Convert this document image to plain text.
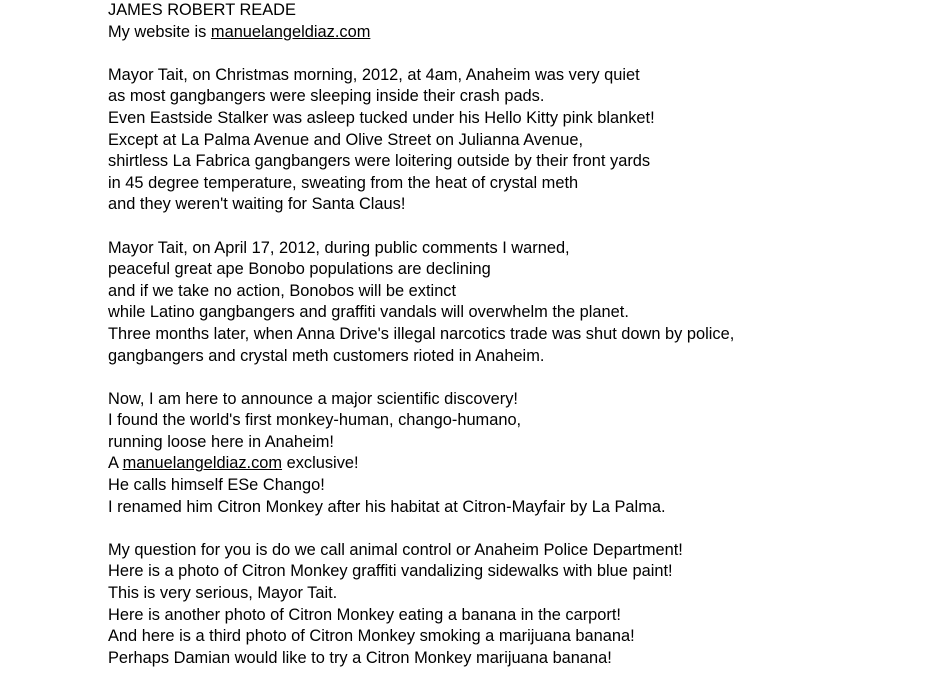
JAMES ROBERT READE
My website is manuelangeldiaz.com
Mayor Tait, on Christmas morning, 2012, at 4am, Anaheim was very quiet
as most gangbangers were sleeping inside their crash pads.
Even Eastside Stalker was asleep tucked under his Hello Kitty pink blanket!
Except at La Palma Avenue and Olive Street on Julianna Avenue,
shirtless La Fabrica gangbangers were loitering outside by their front yards
in 45 degree temperature, sweating from the heat of crystal meth
and they weren't waiting for Santa Claus!
Mayor Tait, on April 17, 2012, during public comments I warned,
peaceful great ape Bonobo populations are declining
and if we take no action, Bonobos will be extinct
while Latino gangbangers and graffiti vandals will overwhelm the planet.
Three months later, when Anna Drive's illegal narcotics trade was shut down by police,
gangbangers and crystal meth customers rioted in Anaheim.
Now, I am here to announce a major scientific discovery!
I found the world's first monkey-human, chango-humano,
running loose here in Anaheim!
A manuelangeldiaz.com exclusive!
He calls himself ESe Chango!
I renamed him Citron Monkey after his habitat at Citron-Mayfair by La Palma.
My question for you is do we call animal control or Anaheim Police Department!
Here is a photo of Citron Monkey graffiti vandalizing sidewalks with blue paint!
This is very serious, Mayor Tait.
Here is another photo of Citron Monkey eating a banana in the carport!
And here is a third photo of Citron Monkey smoking a marijuana banana!
Perhaps Damian would like to try a Citron Monkey marijuana banana!
